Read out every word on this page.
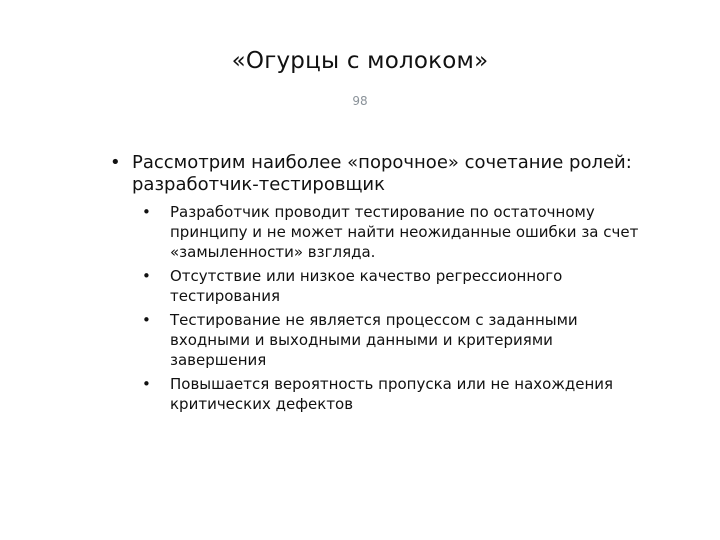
«Огурцы с молоком»
98
• Рассмотрим наиболее «порочное» сочетание ролей: разработчик-тестировщик
• Разработчик проводит тестирование по остаточному принципу и не может найти неожиданные ошибки за счет «замыленности» взгляда.
• Отсутствие или низкое качество регрессионного тестирования
• Тестирование не является процессом с заданными входными и выходными данными и критериями завершения
• Повышается вероятность пропуска или не нахождения критических дефектов
